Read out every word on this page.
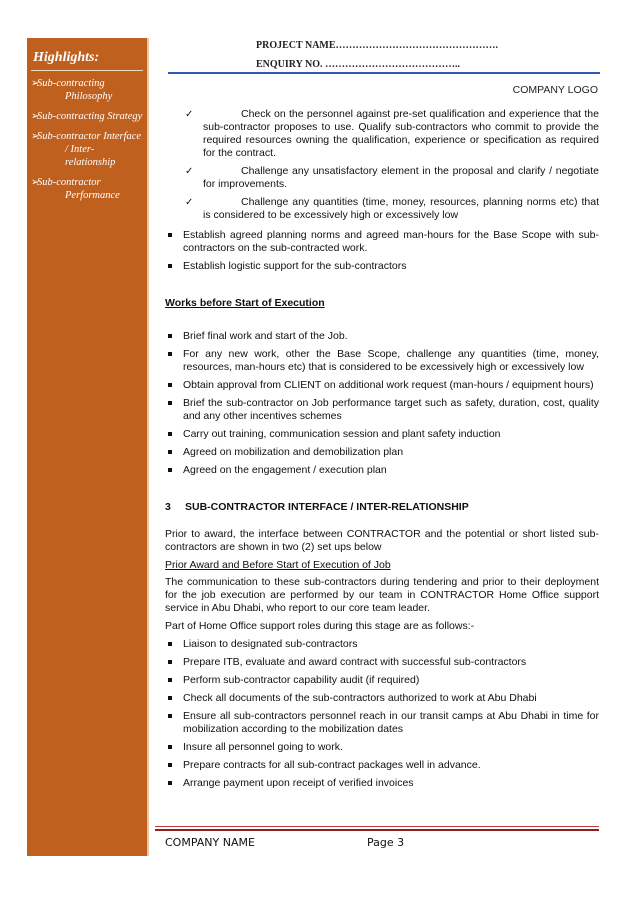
Highlights:
➢
Sub-contracting Philosophy
➢
Sub-contracting Strategy
➢
Sub-contractor Interface / Inter-relationship
➢
Sub-contractor Performance
PROJECT NAME………………………………………….
ENQUIRY NO. …………………………………..
COMPANY LOGO
✓	Check on the personnel against pre-set qualification and experience that the sub-contractor proposes to use. Qualify sub-contractors who commit to provide the required resources owning the qualification, experience or specification as required for the contract.
✓	Challenge any unsatisfactory element in the proposal and clarify / negotiate for improvements.
✓	Challenge any quantities (time, money, resources, planning norms etc) that is considered to be excessively high or excessively low
Establish agreed planning norms and agreed man-hours for the Base Scope with sub-contractors on the sub-contracted work.
Establish logistic support for the sub-contractors

Works before Start of Execution

Brief final work and start of the Job.
For any new work, other the Base Scope, challenge any quantities (time, money, resources, man-hours etc) that is considered to be excessively high or excessively low
Obtain approval from CLIENT on additional work request (man-hours / equipment hours)
Brief the sub-contractor on Job performance target such as safety, duration, cost, quality and any other incentives schemes
Carry out training, communication session and plant safety induction
Agreed on mobilization and demobilization plan
Agreed on the engagement / execution plan

3 SUB-CONTRACTOR INTERFACE / INTER-RELATIONSHIP

Prior to award, the interface between CONTRACTOR and the potential or short listed sub-contractors are shown in two (2) set ups below

Prior Award and Before Start of Execution of Job

The communication to these sub-contractors during tendering and prior to their deployment for the job execution are performed by our team in CONTRACTOR Home Office support service in Abu Dhabi, who report to our core team leader.

Part of Home Office support roles during this stage are as follows:-

Liaison to designated sub-contractors
Prepare ITB, evaluate and award contract with successful sub-contractors
Perform sub-contractor capability audit (if required)
Check all documents of the sub-contractors authorized to work at Abu Dhabi
Ensure all sub-contractors personnel reach in our transit camps at Abu Dhabi in time for mobilization according to the mobilization dates
Insure all personnel going to work.
Prepare contracts for all sub-contract packages well in advance.
Arrange payment upon receipt of verified invoices
COMPANY NAME	Page 3
